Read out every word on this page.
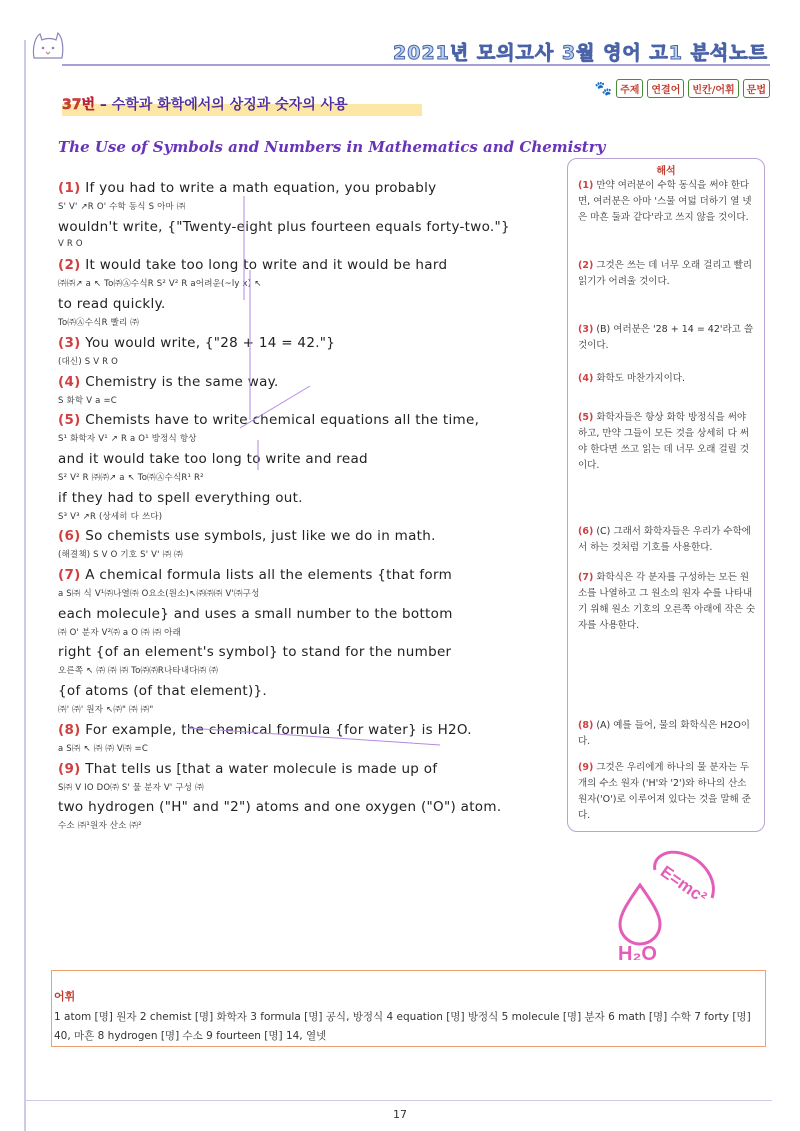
2021년 모의고사 3월 영어 고1 분석노트
🐾 주제	연결어	빈칸/어휘	문법
37번 – 수학과 화학에서의 상징과 숫자의 사용
The Use of Symbols and Numbers in Mathematics and Chemistry
(1) If you had to write a math equation, you probably
S' V' ↗R O' 수학 동식 S 아마 ㈜
wouldn't write, {"Twenty-eight plus fourteen equals forty-two."}
V R O
(2) It would take too long to write and it would be hard
㈜㈜↗ a ↖ To㈜Ⓐ수식R S² V² R a어려운(~ly x) ↖
to read quickly.
To㈜Ⓐ수식R 빨리 ㈜
(3) You would write, {"28 + 14 = 42."}
(대신) S V R O
(4) Chemistry is the same way.
S 화학 V a =C
(5) Chemists have to write chemical equations all the time,
S¹ 화학자 V¹ ↗ R a O¹ 방정식 항상
and it would take too long to write and read
S² V² R ㈜㈜↗ a ↖ To㈜Ⓐ수식R¹ R²
if they had to spell everything out.
S³ V³ ↗R (상세히 다 쓰다)
(6) So chemists use symbols, just like we do in math.
(해결책) S V O 기호 S' V' ㈜ ㈜
(7) A chemical formula lists all the elements {that form
a S㈜ 식 V¹㈜나열㈜ O요소(원소)↖㈜㈜㈜ V'㈜구성
each molecule} and uses a small number to the bottom
㈜ O' 분자 V²㈜ a O ㈜ ㈜ 아래
right {of an element's symbol} to stand for the number
오른쪽 ↖ ㈜ ㈜ ㈜ To㈜㈜R나타내다㈜ ㈜
{of atoms (of that element)}.
㈜' ㈜' 원자 ↖㈜" ㈜ ㈜"
(8) For example, the chemical formula {for water} is H2O.
a S㈜ ↖ ㈜ ㈜ V㈜ =C
(9) That tells us [that a water molecule is made up of
S㈜ V IO DO㈜ S' 물 분자 V' 구성 ㈜
two hydrogen ("H" and "2") atoms and one oxygen ("O") atom.
수소 ㈜¹원자 산소 ㈜²
해석
(1) 만약 여러분이 수학 동식을 써야 한다면, 여러분은 아마 '스물 여덟 더하기 열 넷은 마흔 둘과 같다'라고 쓰지 않을 것이다.
(2) 그것은 쓰는 데 너무 오래 걸리고 빨리 읽기가 어려울 것이다.
(3) (B) 여러분은 '28 + 14 = 42'라고 쓸 것이다.
(4) 화학도 마찬가지이다.
(5) 화학자들은 항상 화학 방정식을 써야 하고, 만약 그들이 모든 것을 상세히 다 써야 한다면 쓰고 읽는 데 너무 오래 걸릴 것이다.
(6) (C) 그래서 화학자들은 우리가 수학에서 하는 것처럼 기호를 사용한다.
(7) 화학식은 각 분자를 구성하는 모든 원소를 나열하고 그 원소의 원자 수를 나타내기 위해 원소 기호의 오른쪽 아래에 작은 숫자를 사용한다.
(8) (A) 예를 들어, 물의 화학식은 H2O이다.
(9) 그것은 우리에게 하나의 물 분자는 두 개의 수소 원자 ('H'와 '2')와 하나의 산소 원자('O')로 이루어져 있다는 것을 말해 준다.
E=mc²
H₂O
어휘
1 atom [명] 원자 2 chemist [명] 화학자 3 formula [명] 공식, 방정식 4 equation [명] 방정식 5 molecule [명] 분자 6 math [명] 수학 7 forty [명] 40, 마흔 8 hydrogen [명] 수소 9 fourteen [명] 14, 열넷
17
